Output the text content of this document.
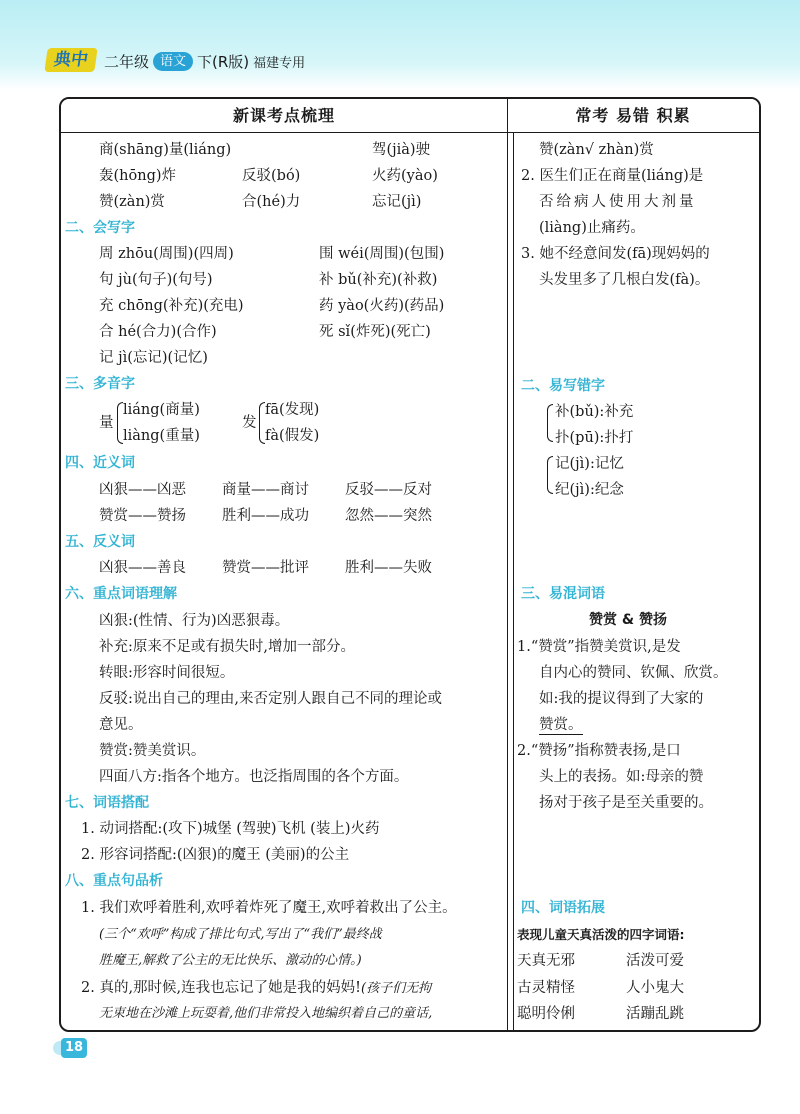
典中 二年级 语文 下(R版) 福建专用
新课考点梳理	常考 易错 积累
商(shāng)量(liáng)	驾(jià)驶
轰(hōng)炸	反驳(bó)	火药(yào)
赞(zàn)赏	合(hé)力	忘记(jì)
二、会写字
周 zhōu(周围)(四周)	围 wéi(周围)(包围)
句 jù(句子)(句号)	补 bǔ(补充)(补救)
充 chōng(补充)(充电)	药 yào(火药)(药品)
合 hé(合力)(合作)	死 sǐ(炸死)(死亡)
记 jì(忘记)(记忆)
三、多音字
量
liáng(商量)
liàng(重量)
发
fā(发现)
fà(假发)
四、近义词
凶狠——凶恶 商量——商讨 反驳——反对
赞赏——赞扬 胜利——成功 忽然——突然
五、反义词
凶狠——善良 赞赏——批评 胜利——失败
六、重点词语理解
凶狠:(性情、行为)凶恶狠毒。
补充:原来不足或有损失时,增加一部分。
转眼:形容时间很短。
反驳:说出自己的理由,来否定别人跟自己不同的理论或
意见。
赞赏:赞美赏识。
四面八方:指各个地方。也泛指周围的各个方面。
七、词语搭配
1. 动词搭配:(攻下)城堡 (驾驶)飞机 (装上)火药
2. 形容词搭配:(凶狠)的魔王 (美丽)的公主
八、重点句品析
1. 我们欢呼着胜利,欢呼着炸死了魔王,欢呼着救出了公主。
(三个“欢呼”构成了排比句式,写出了“我们”最终战
胜魔王,解救了公主的无比快乐、激动的心情。)
2. 真的,那时候,连我也忘记了她是我的妈妈!(孩子们无拘
无束地在沙滩上玩耍着,他们非常投入地编织着自己的童话,
赞(zàn√ zhàn)赏
2. 医生们正在商量(liáng)是
否给病人使用大剂量
(liàng)止痛药。
3. 她不经意间发(fā)现妈妈的
头发里多了几根白发(fà)。
二、易写错字
补(bǔ):补充
扑(pū):扑打
记(jì):记忆
纪(jì):纪念
三、易混词语
赞赏 & 赞扬
1.“赞赏”指赞美赏识,是发
自内心的赞同、钦佩、欣赏。
如:我的提议得到了大家的
赞赏。
2.“赞扬”指称赞表扬,是口
头上的表扬。如:母亲的赞
扬对于孩子是至关重要的。
四、词语拓展
表现儿童天真活泼的四字词语:
天真无邪	活泼可爱
古灵精怪	人小鬼大
聪明伶俐	活蹦乱跳
18
